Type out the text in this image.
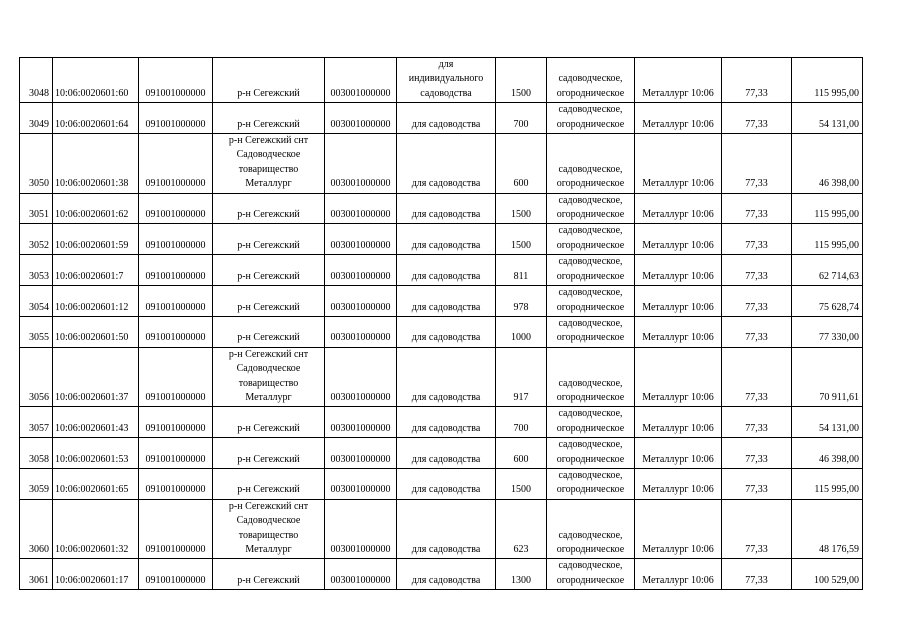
3048	10:06:0020601:60	091001000000	р-н Сегежский	003001000000	для
индивидуального
садоводства	1500	садоводческое,
огородническое	Металлург 10:06	77,33	115 995,00
3049	10:06:0020601:64	091001000000	р-н Сегежский	003001000000	для садоводства	700	садоводческое,
огородническое	Металлург 10:06	77,33	54 131,00
3050	10:06:0020601:38	091001000000	р-н Сегежский снт
Садоводческое
товарищество
Металлург	003001000000	для садоводства	600	садоводческое,
огородническое	Металлург 10:06	77,33	46 398,00
3051	10:06:0020601:62	091001000000	р-н Сегежский	003001000000	для садоводства	1500	садоводческое,
огородническое	Металлург 10:06	77,33	115 995,00
3052	10:06:0020601:59	091001000000	р-н Сегежский	003001000000	для садоводства	1500	садоводческое,
огородническое	Металлург 10:06	77,33	115 995,00
3053	10:06:0020601:7	091001000000	р-н Сегежский	003001000000	для садоводства	811	садоводческое,
огородническое	Металлург 10:06	77,33	62 714,63
3054	10:06:0020601:12	091001000000	р-н Сегежский	003001000000	для садоводства	978	садоводческое,
огородническое	Металлург 10:06	77,33	75 628,74
3055	10:06:0020601:50	091001000000	р-н Сегежский	003001000000	для садоводства	1000	садоводческое,
огородническое	Металлург 10:06	77,33	77 330,00
3056	10:06:0020601:37	091001000000	р-н Сегежский снт
Садоводческое
товарищество
Металлург	003001000000	для садоводства	917	садоводческое,
огородническое	Металлург 10:06	77,33	70 911,61
3057	10:06:0020601:43	091001000000	р-н Сегежский	003001000000	для садоводства	700	садоводческое,
огородническое	Металлург 10:06	77,33	54 131,00
3058	10:06:0020601:53	091001000000	р-н Сегежский	003001000000	для садоводства	600	садоводческое,
огородническое	Металлург 10:06	77,33	46 398,00
3059	10:06:0020601:65	091001000000	р-н Сегежский	003001000000	для садоводства	1500	садоводческое,
огородническое	Металлург 10:06	77,33	115 995,00
3060	10:06:0020601:32	091001000000	р-н Сегежский снт
Садоводческое
товарищество
Металлург	003001000000	для садоводства	623	садоводческое,
огородническое	Металлург 10:06	77,33	48 176,59
3061	10:06:0020601:17	091001000000	р-н Сегежский	003001000000	для садоводства	1300	садоводческое,
огородническое	Металлург 10:06	77,33	100 529,00
